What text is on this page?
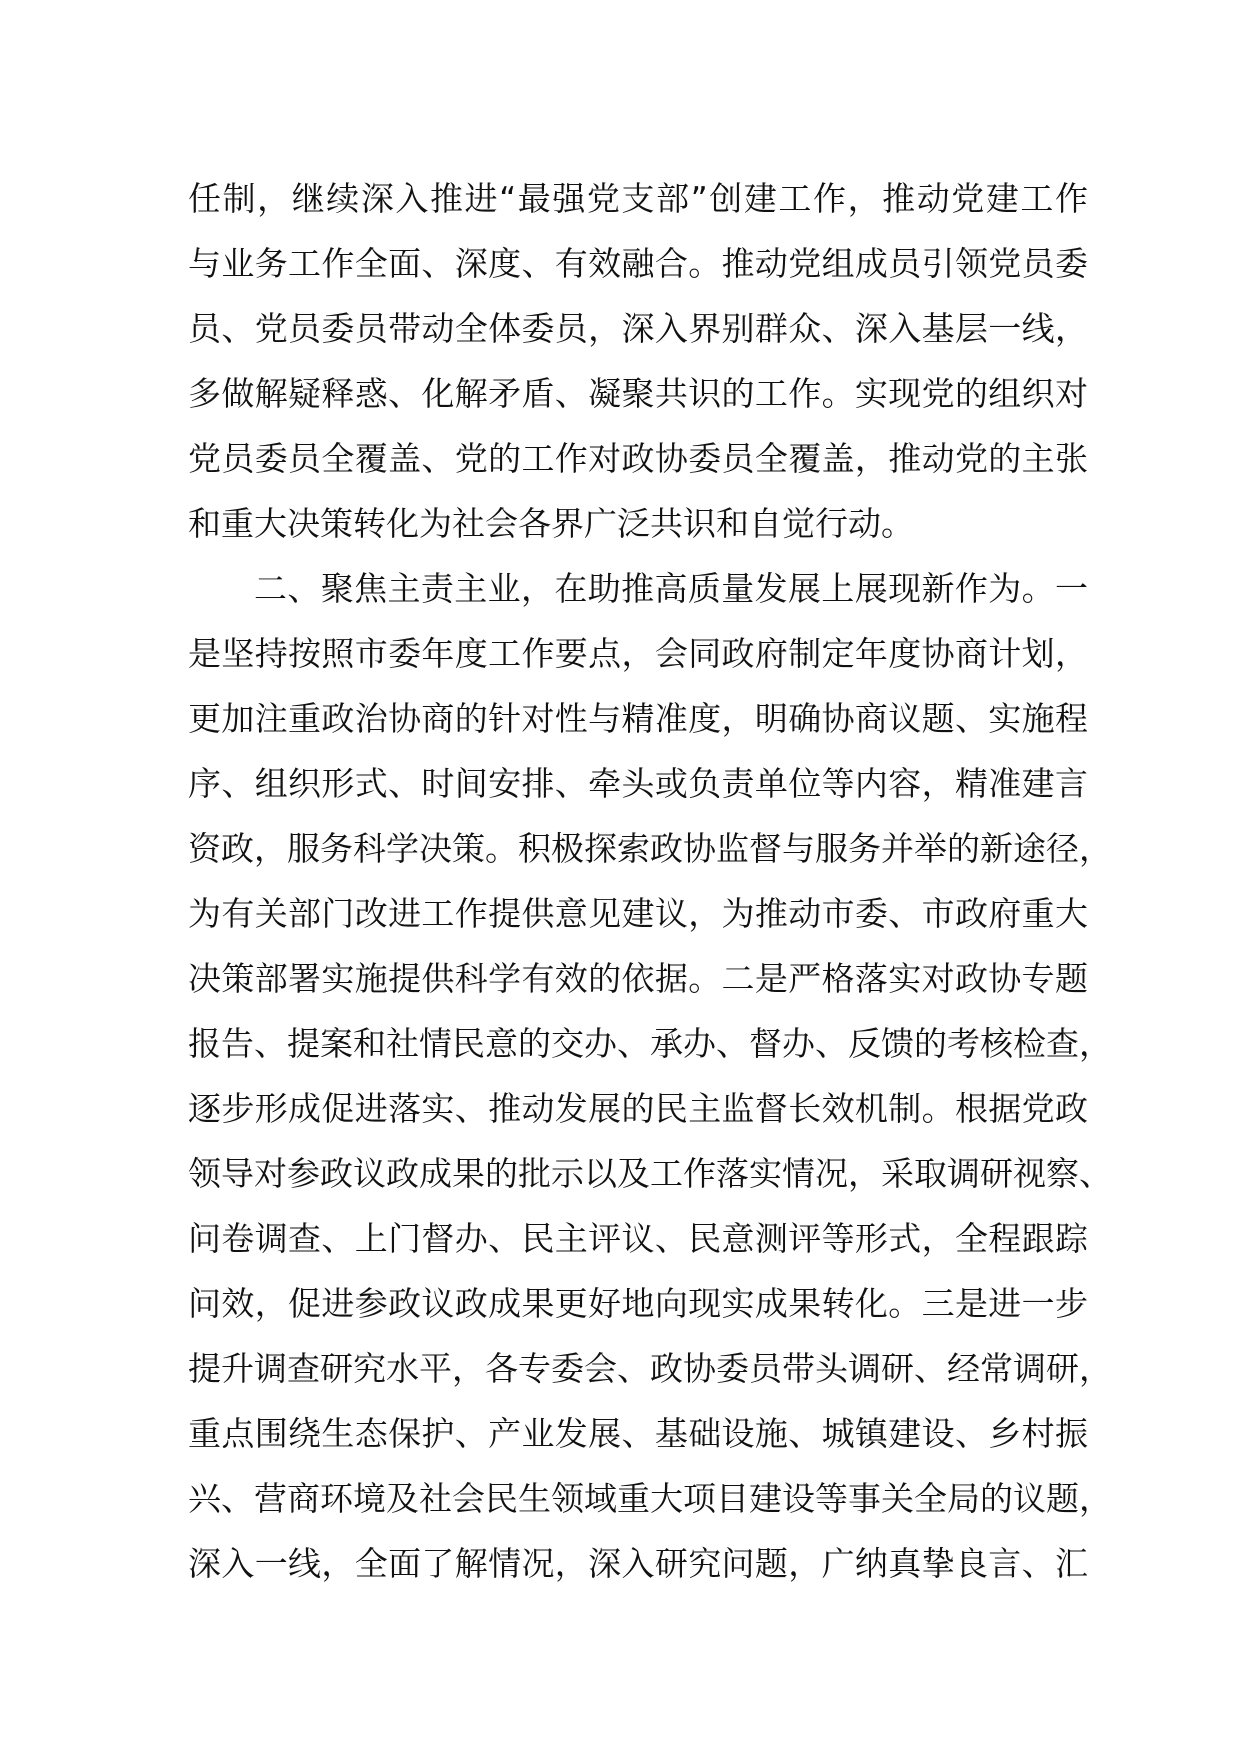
任制，继续深入推进“最强党支部”创建工作，推动党建工作
与业务工作全面、深度、有效融合。推动党组成员引领党员委
员、党员委员带动全体委员，深入界别群众、深入基层一线，
多做解疑释惑、化解矛盾、凝聚共识的工作。实现党的组织对
党员委员全覆盖、党的工作对政协委员全覆盖，推动党的主张
和重大决策转化为社会各界广泛共识和自觉行动。
二、聚焦主责主业，在助推高质量发展上展现新作为。一
是坚持按照市委年度工作要点，会同政府制定年度协商计划，
更加注重政治协商的针对性与精准度，明确协商议题、实施程
序、组织形式、时间安排、牵头或负责单位等内容，精准建言
资政，服务科学决策。积极探索政协监督与服务并举的新途径，
为有关部门改进工作提供意见建议，为推动市委、市政府重大
决策部署实施提供科学有效的依据。二是严格落实对政协专题
报告、提案和社情民意的交办、承办、督办、反馈的考核检查，
逐步形成促进落实、推动发展的民主监督长效机制。根据党政
领导对参政议政成果的批示以及工作落实情况，采取调研视察、
问卷调查、上门督办、民主评议、民意测评等形式，全程跟踪
问效，促进参政议政成果更好地向现实成果转化。三是进一步
提升调查研究水平，各专委会、政协委员带头调研、经常调研，
重点围绕生态保护、产业发展、基础设施、城镇建设、乡村振
兴、营商环境及社会民生领域重大项目建设等事关全局的议题，
深入一线，全面了解情况，深入研究问题，广纳真挚良言、汇
